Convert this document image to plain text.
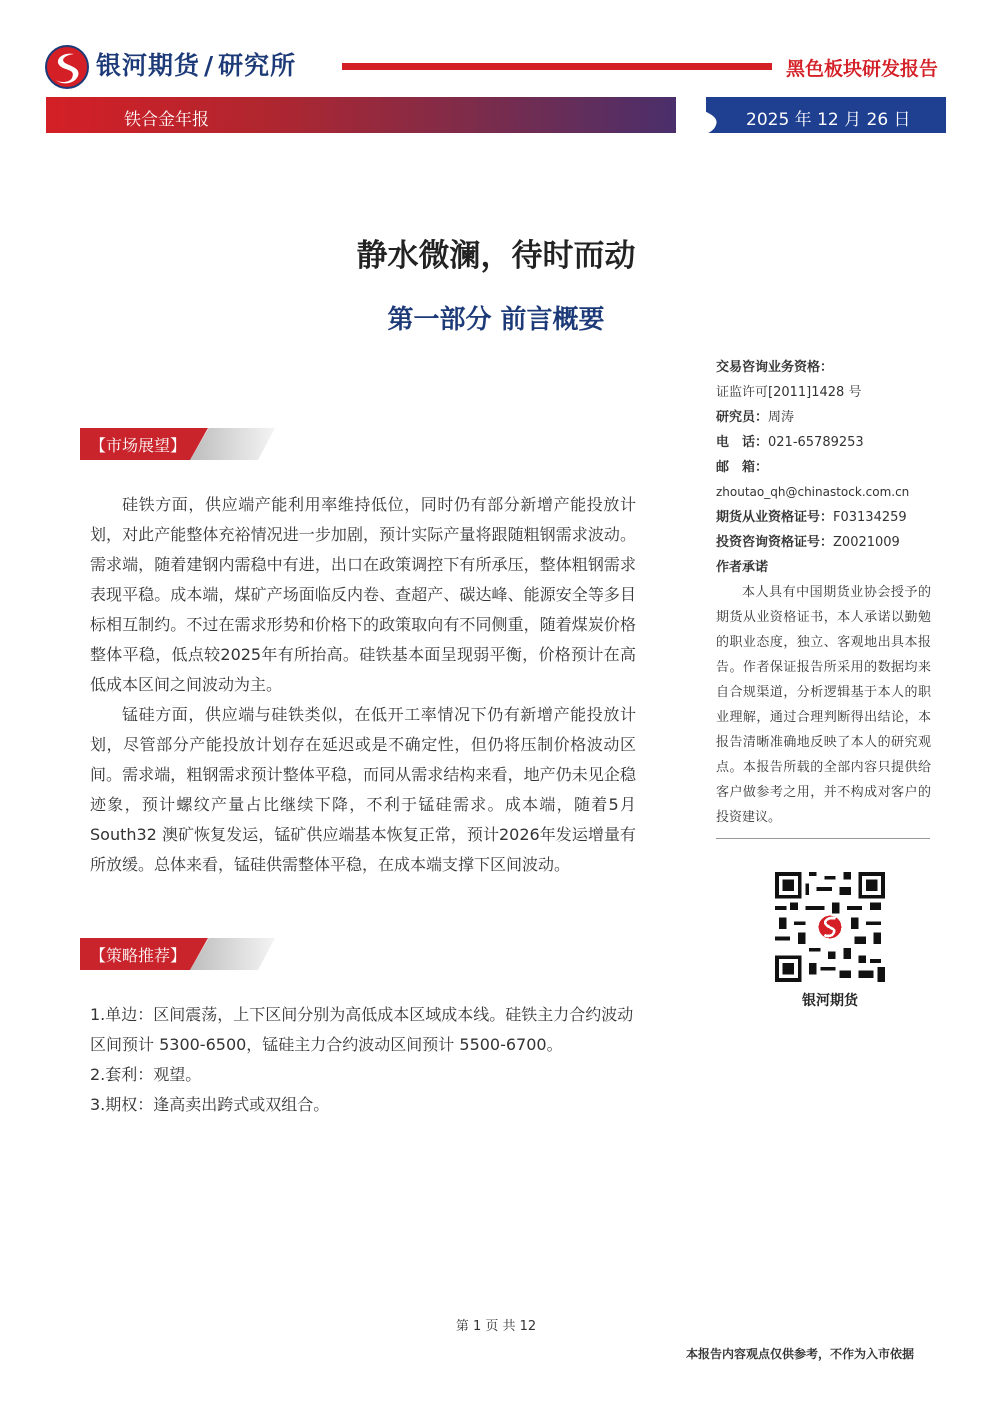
银河期货 / 研究所	黑色板块研发报告
铁合金年报	2025 年 12 月 26 日
静水微澜，待时而动
第一部分 前言概要
【市场展望】

硅铁方面，供应端产能利用率维持低位，同时仍有部分新增产能投放计划，对此产能整体充裕情况进一步加剧，预计实际产量将跟随粗钢需求波动。需求端，随着建钢内需稳中有进，出口在政策调控下有所承压，整体粗钢需求表现平稳。成本端，煤矿产场面临反内卷、查超产、碳达峰、能源安全等多目标相互制约。不过在需求形势和价格下的政策取向有不同侧重，随着煤炭价格整体平稳，低点较2025年有所抬高。硅铁基本面呈现弱平衡，价格预计在高低成本区间之间波动为主。

锰硅方面，供应端与硅铁类似，在低开工率情况下仍有新增产能投放计划，尽管部分产能投放计划存在延迟或是不确定性，但仍将压制价格波动区间。需求端，粗钢需求预计整体平稳，而同从需求结构来看，地产仍未见企稳迹象，预计螺纹产量占比继续下降，不利于锰硅需求。成本端，随着5月 South32 澳矿恢复发运，锰矿供应端基本恢复正常，预计2026年发运增量有所放缓。总体来看，锰硅供需整体平稳，在成本端支撑下区间波动。

【策略推荐】

1.单边：区间震荡，上下区间分别为高低成本区域成本线。硅铁主力合约波动区间预计 5300-6500，锰硅主力合约波动区间预计 5500-6700。

2.套利：观望。

3.期权：逢高卖出跨式或双组合。

交易咨询业务资格：
证监许可[2011]1428 号
研究员：周涛
电　话：021-65789253
邮　箱：
zhoutao_qh@chinastock.com.cn
期货从业资格证号：F03134259
投资咨询资格证号：Z0021009
作者承诺
本人具有中国期货业协会授予的期货从业资格证书，本人承诺以勤勉的职业态度，独立、客观地出具本报告。作者保证报告所采用的数据均来自合规渠道，分析逻辑基于本人的职业理解，通过合理判断得出结论，本报告清晰准确地反映了本人的研究观点。本报告所载的全部内容只提供给客户做参考之用，并不构成对客户的投资建议。
银河期货
第 1 页 共 12
本报告内容观点仅供参考，不作为入市依据
